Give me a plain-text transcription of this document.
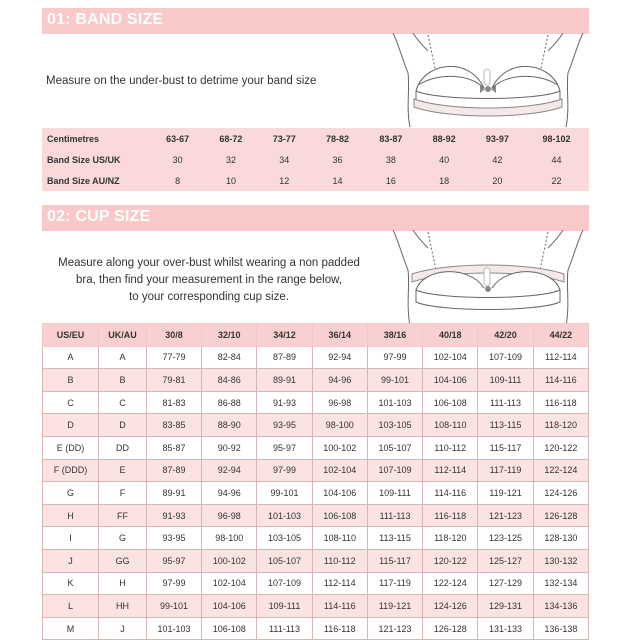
01: BAND SIZE
Measure on the under-bust to detrime your band size
Centimetres	63-67	68-72	73-77	78-82	83-87	88-92	93-97	98-102
Band Size US/UK	30	32	34	36	38	40	42	44
Band Size AU/NZ	8	10	12	14	16	18	20	22
02: CUP SIZE
Measure along your over-bust whilst wearing a non padded
bra, then find your measurement in the range below,
to your corresponding cup size.
US/EU	UK/AU	30/8	32/10	34/12	36/14	38/16	40/18	42/20	44/22
A	A	77-79	82-84	87-89	92-94	97-99	102-104	107-109	112-114
B	B	79-81	84-86	89-91	94-96	99-101	104-106	109-111	114-116
C	C	81-83	86-88	91-93	96-98	101-103	106-108	111-113	116-118
D	D	83-85	88-90	93-95	98-100	103-105	108-110	113-115	118-120
E (DD)	DD	85-87	90-92	95-97	100-102	105-107	110-112	115-117	120-122
F (DDD)	E	87-89	92-94	97-99	102-104	107-109	112-114	117-119	122-124
G	F	89-91	94-96	99-101	104-106	109-111	114-116	119-121	124-126
H	FF	91-93	96-98	101-103	106-108	111-113	116-118	121-123	126-128
I	G	93-95	98-100	103-105	108-110	113-115	118-120	123-125	128-130
J	GG	95-97	100-102	105-107	110-112	115-117	120-122	125-127	130-132
K	H	97-99	102-104	107-109	112-114	117-119	122-124	127-129	132-134
L	HH	99-101	104-106	109-111	114-116	119-121	124-126	129-131	134-136
M	J	101-103	106-108	111-113	116-118	121-123	126-128	131-133	136-138
